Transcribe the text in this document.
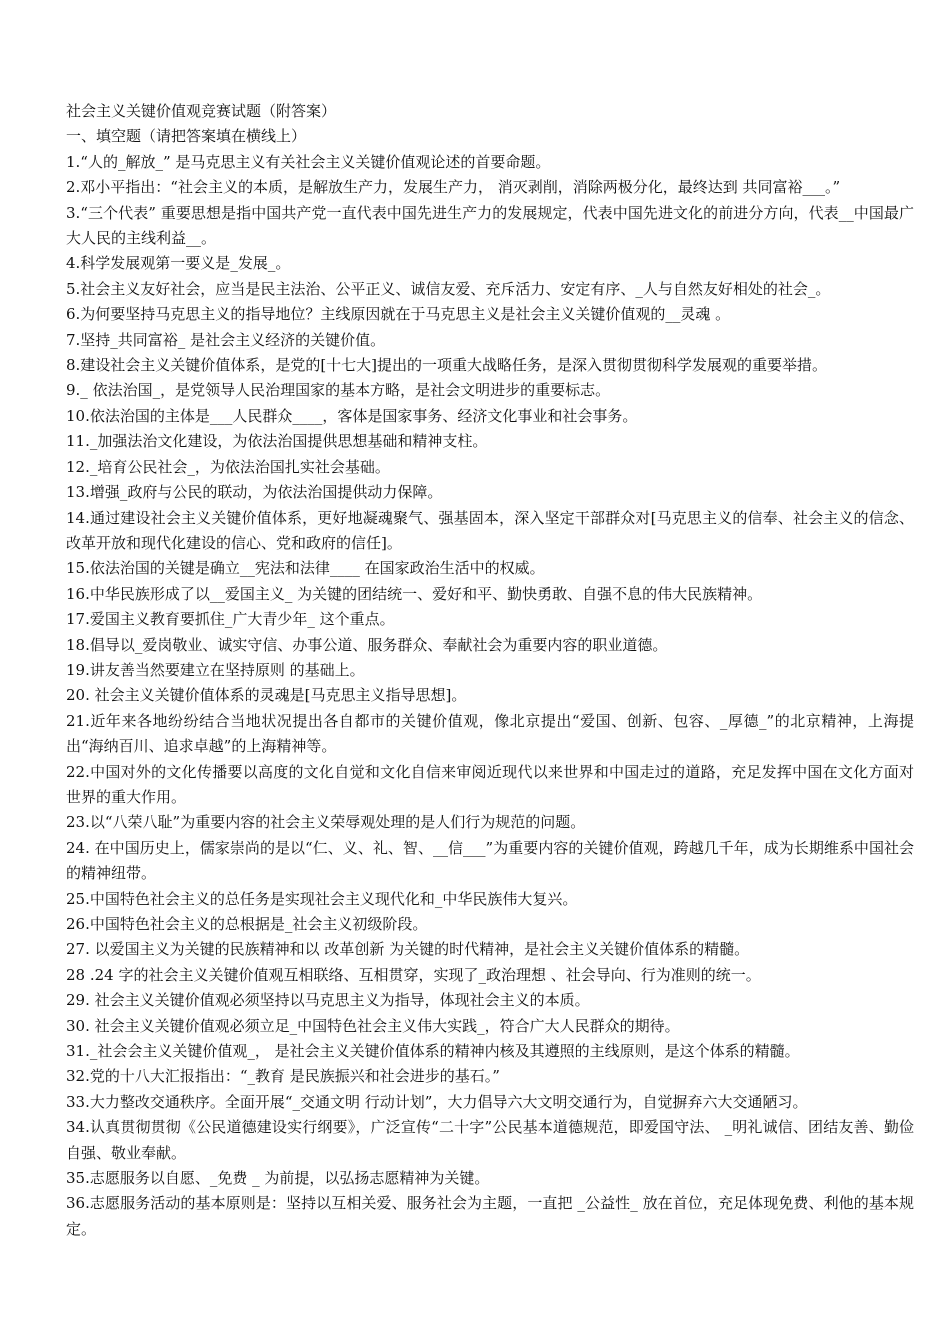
社会主义关键价值观竞赛试题（附答案）

一、填空题（请把答案填在横线上）

1.“人的_解放_” 是马克思主义有关社会主义关键价值观论述的首要命题。

2.邓小平指出：“社会主义的本质，是解放生产力，发展生产力， 消灭剥削，消除两极分化，最终达到 共同富裕___。”

3.“三个代表” 重要思想是指中国共产党一直代表中国先进生产力的发展规定，代表中国先进文化的前进分方向，代表__中国最广大人民的主线利益__。

4.科学发展观第一要义是_发展_。

5.社会主义友好社会，应当是民主法治、公平正义、诚信友爱、充斥活力、安定有序、_人与自然友好相处的社会_。

6.为何要坚持马克思主义的指导地位？主线原因就在于马克思主义是社会主义关键价值观的__灵魂 。

7.坚持_共同富裕_ 是社会主义经济的关键价值。

8.建设社会主义关键价值体系，是党的[十七大]提出的一项重大战略任务，是深入贯彻贯彻科学发展观的重要举措。

9._ 依法治国_，是党领导人民治理国家的基本方略，是社会文明进步的重要标志。

10.依法治国的主体是___人民群众____，客体是国家事务、经济文化事业和社会事务。

11._加强法治文化建设，为依法治国提供思想基础和精神支柱。

12._培育公民社会_，为依法治国扎实社会基础。

13.增强_政府与公民的联动，为依法治国提供动力保障。

14.通过建设社会主义关键价值体系，更好地凝魂聚气、强基固本，深入坚定干部群众对[马克思主义的信奉、社会主义的信念、改革开放和现代化建设的信心、党和政府的信任]。

15.依法治国的关键是确立__宪法和法律____ 在国家政治生活中的权威。

16.中华民族形成了以__爱国主义_ 为关键的团结统一、爱好和平、勤快勇敢、自强不息的伟大民族精神。

17.爱国主义教育要抓住_广大青少年_ 这个重点。

18.倡导以_爱岗敬业、诚实守信、办事公道、服务群众、奉献社会为重要内容的职业道德。

19.讲友善当然要建立在坚持原则 的基础上。

20. 社会主义关键价值体系的灵魂是[马克思主义指导思想]。

21.近年来各地纷纷结合当地状况提出各自都市的关键价值观，像北京提出“爱国、创新、包容、_厚德_”的北京精神，上海提出“海纳百川、追求卓越”的上海精神等。

22.中国对外的文化传播要以高度的文化自觉和文化自信来审阅近现代以来世界和中国走过的道路，充足发挥中国在文化方面对世界的重大作用。

23.以“八荣八耻”为重要内容的社会主义荣辱观处理的是人们行为规范的问题。

24. 在中国历史上，儒家崇尚的是以“仁、义、礼、智、__信___”为重要内容的关键价值观，跨越几千年，成为长期维系中国社会的精神纽带。

25.中国特色社会主义的总任务是实现社会主义现代化和_中华民族伟大复兴。

26.中国特色社会主义的总根据是_社会主义初级阶段。

27. 以爱国主义为关键的民族精神和以 改革创新 为关键的时代精神，是社会主义关键价值体系的精髓。

28 .24 字的社会主义关键价值观互相联络、互相贯穿，实现了_政治理想 、社会导向、行为准则的统一。

29. 社会主义关键价值观必须坚持以马克思主义为指导，体现社会主义的本质。

30. 社会主义关键价值观必须立足_中国特色社会主义伟大实践_，符合广大人民群众的期待。

31._社会会主义关键价值观_， 是社会主义关键价值体系的精神内核及其遵照的主线原则，是这个体系的精髓。

32.党的十八大汇报指出：“_教育 是民族振兴和社会进步的基石。”

33.大力整改交通秩序。全面开展“_交通文明 行动计划”，大力倡导六大文明交通行为，自觉摒弃六大交通陋习。

34.认真贯彻贯彻《公民道德建设实行纲要》，广泛宣传“二十字”公民基本道德规范，即爱国守法、 _明礼诚信、团结友善、勤俭自强、敬业奉献。

35.志愿服务以自愿、_免费 _ 为前提，以弘扬志愿精神为关键。

36.志愿服务活动的基本原则是：坚持以互相关爱、服务社会为主题，一直把 _公益性_ 放在首位，充足体现免费、利他的基本规定。
